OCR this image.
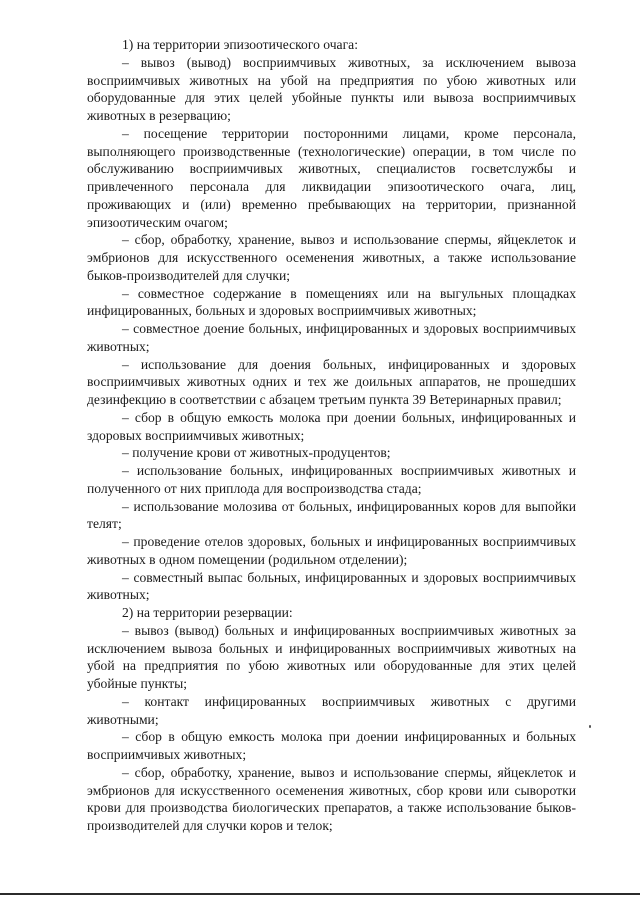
1) на территории эпизоотического очага:

– вывоз (вывод) восприимчивых животных, за исключением вывоза восприимчивых животных на убой на предприятия по убою животных или оборудованные для этих целей убойные пункты или вывоза восприимчивых животных в резервацию;

– посещение территории посторонними лицами, кроме персонала, выполняющего производственные (технологические) операции, в том числе по обслуживанию восприимчивых животных, специалистов госветслужбы и привлеченного персонала для ликвидации эпизоотического очага, лиц, проживающих и (или) временно пребывающих на территории, признанной эпизоотическим очагом;

– сбор, обработку, хранение, вывоз и использование спермы, яйцеклеток и эмбрионов для искусственного осеменения животных, а также использование быков-производителей для случки;

– совместное содержание в помещениях или на выгульных площадках инфицированных, больных и здоровых восприимчивых животных;

– совместное доение больных, инфицированных и здоровых восприимчивых животных;

– использование для доения больных, инфицированных и здоровых восприимчивых животных одних и тех же доильных аппаратов, не прошедших дезинфекцию в соответствии с абзацем третьим пункта 39 Ветеринарных правил;

– сбор в общую емкость молока при доении больных, инфицированных и здоровых восприимчивых животных;

– получение крови от животных-продуцентов;

– использование больных, инфицированных восприимчивых животных и полученного от них приплода для воспроизводства стада;

– использование молозива от больных, инфицированных коров для выпойки телят;

– проведение отелов здоровых, больных и инфицированных восприимчивых животных в одном помещении (родильном отделении);

– совместный выпас больных, инфицированных и здоровых восприимчивых животных;

2) на территории резервации:

– вывоз (вывод) больных и инфицированных восприимчивых животных за исключением вывоза больных и инфицированных восприимчивых животных на убой на предприятия по убою животных или оборудованные для этих целей убойные пункты;

– контакт инфицированных восприимчивых животных с другими животными;

– сбор в общую емкость молока при доении инфицированных и больных восприимчивых животных;

– сбор, обработку, хранение, вывоз и использование спермы, яйцеклеток и эмбрионов для искусственного осеменения животных, сбор крови или сыворотки крови для производства биологических препаратов, а также использование быков-производителей для случки коров и телок;
